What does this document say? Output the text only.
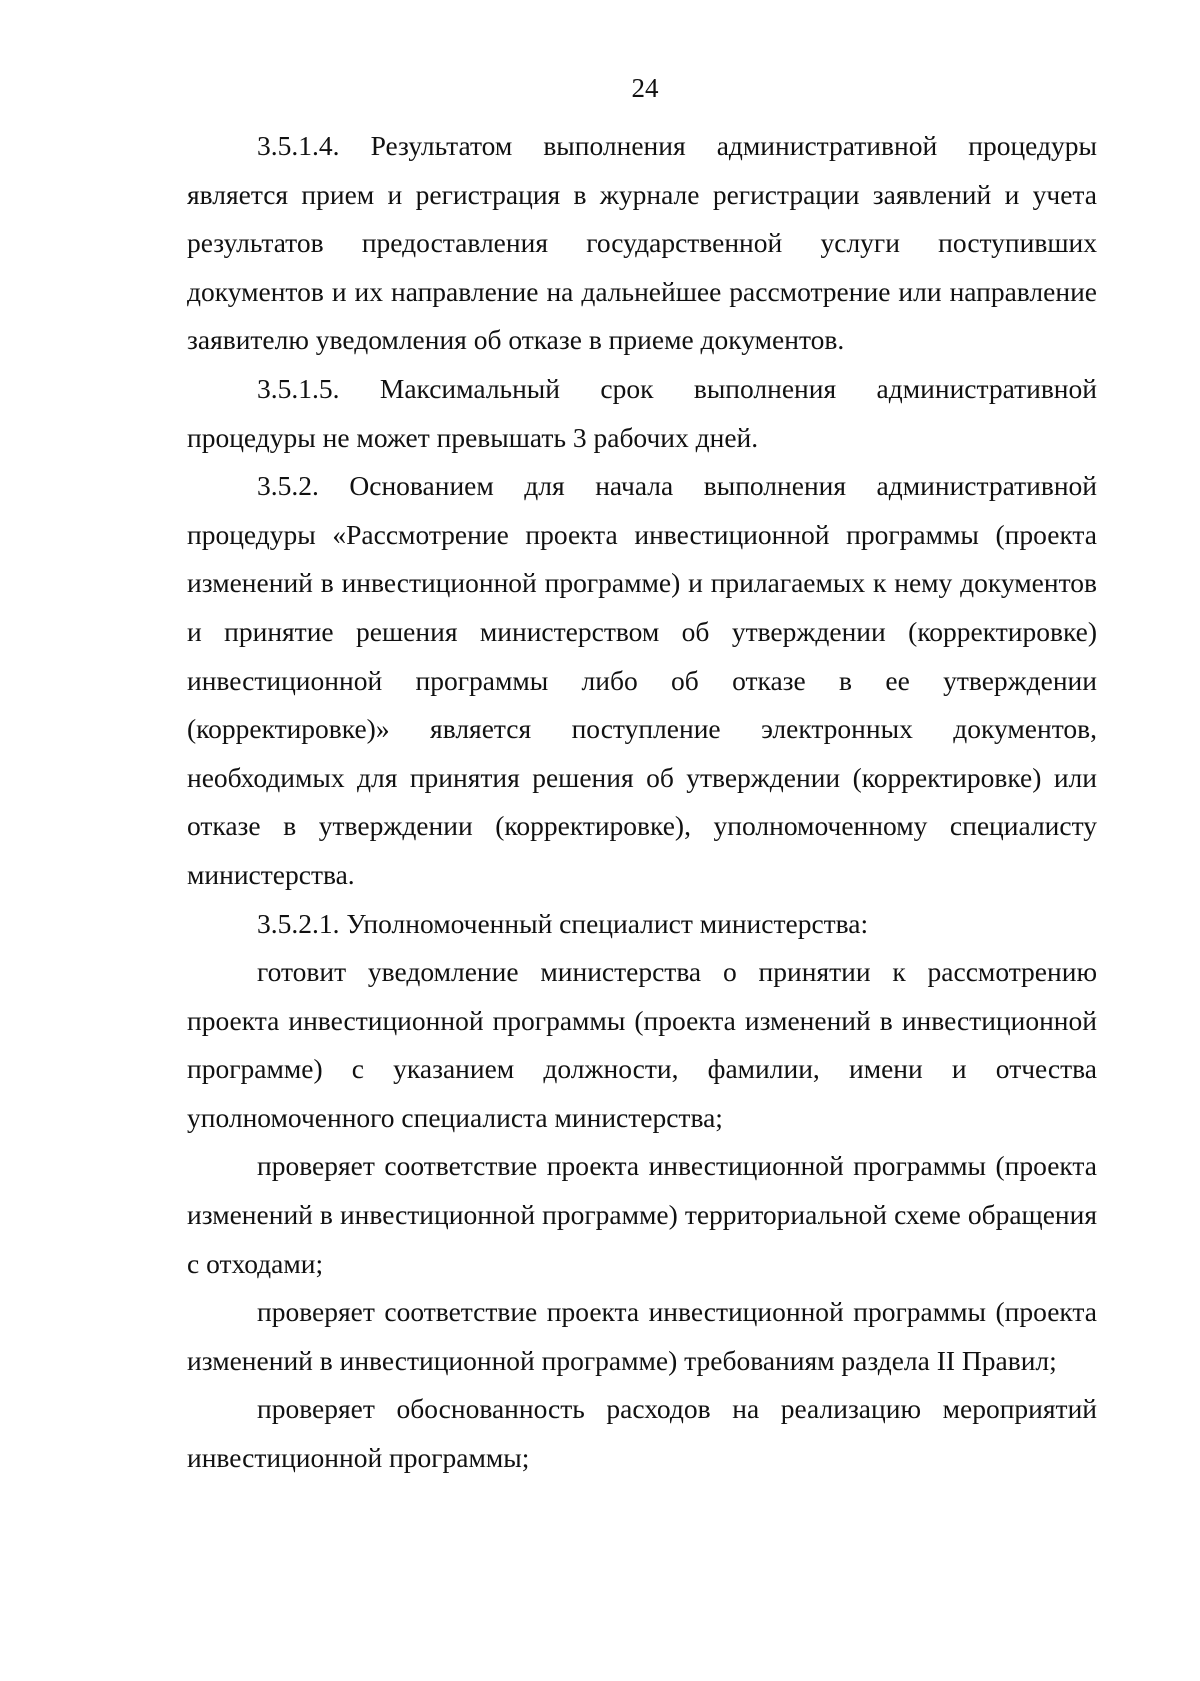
24

3.5.1.4. Результатом выполнения административной процедуры является прием и регистрация в журнале регистрации заявлений и учета результатов предоставления государственной услуги поступивших документов и их направление на дальнейшее рассмотрение или направление заявителю уведомления об отказе в приеме документов.

3.5.1.5. Максимальный срок выполнения административной процедуры не может превышать 3 рабочих дней.

3.5.2. Основанием для начала выполнения административной процедуры «Рассмотрение проекта инвестиционной программы (проекта изменений в инвестиционной программе) и прилагаемых к нему документов и принятие решения министерством об утверждении (корректировке) инвестиционной программы либо об отказе в ее утверждении (корректировке)» является поступление электронных документов, необходимых для принятия решения об утверждении (корректировке) или отказе в утверждении (корректировке), уполномоченному специалисту министерства.

3.5.2.1. Уполномоченный специалист министерства:

готовит уведомление министерства о принятии к рассмотрению проекта инвестиционной программы (проекта изменений в инвестиционной программе) с указанием должности, фамилии, имени и отчества уполномоченного специалиста министерства;

проверяет соответствие проекта инвестиционной программы (проекта изменений в инвестиционной программе) территориальной схеме обращения с отходами;

проверяет соответствие проекта инвестиционной программы (проекта изменений в инвестиционной программе) требованиям раздела II Правил;

проверяет обоснованность расходов на реализацию мероприятий инвестиционной программы;
